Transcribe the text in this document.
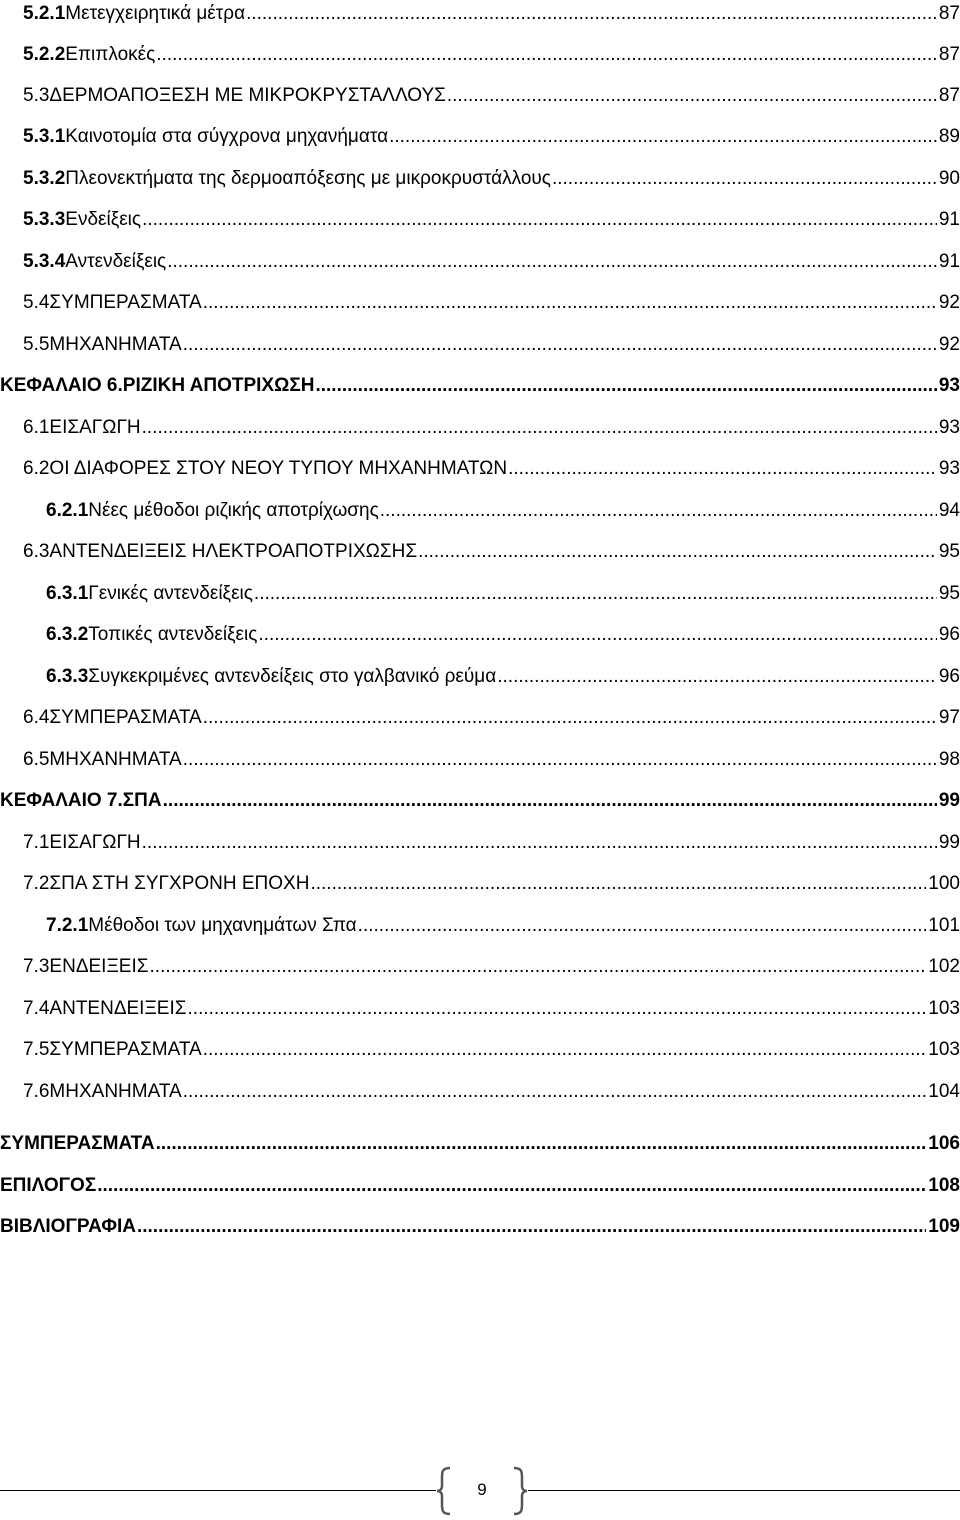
5.2.1 Μετεγχειρητικά μέτρα .....	87
5.2.2 Επιπλοκές .....	87
5.3 ΔΕΡΜΟΑΠΟΞΕΣΗ ΜΕ ΜΙΚΡΟΚΡΥΣΤΑΛΛΟΥΣ .....	87
5.3.1 Καινοτομία στα σύγχρονα μηχανήματα .....	89
5.3.2 Πλεονεκτήματα της δερμοαπόξεσης με μικροκρυστάλλους .....	90
5.3.3 Ενδείξεις .....	91
5.3.4 Αντενδείξεις .....	91
5.4 ΣΥΜΠΕΡΑΣΜΑΤΑ .....	92
5.5 ΜΗΧΑΝΗΜΑΤΑ .....	92
ΚΕΦΑΛΑΙΟ 6. ΡΙΖΙΚΗ ΑΠΟΤΡΙΧΩΣΗ .....	93
6.1 ΕΙΣΑΓΩΓΗ .....	93
6.2 ΟΙ ΔΙΑΦΟΡΕΣ ΣΤΟΥ ΝΕΟΥ ΤΥΠΟΥ ΜΗΧΑΝΗΜΑΤΩΝ .....	93
6.2.1 Νέες μέθοδοι ριζικής αποτρίχωσης .....	94
6.3 ΑΝΤΕΝΔΕΙΞΕΙΣ ΗΛΕΚΤΡΟΑΠΟΤΡΙΧΩΣΗΣ .....	95
6.3.1 Γενικές αντενδείξεις .....	95
6.3.2 Τοπικές αντενδείξεις .....	96
6.3.3 Συγκεκριμένες αντενδείξεις στο γαλβανικό ρεύμα .....	96
6.4 ΣΥΜΠΕΡΑΣΜΑΤΑ .....	97
6.5 ΜΗΧΑΝΗΜΑΤΑ .....	98
ΚΕΦΑΛΑΙΟ 7. ΣΠΑ .....	99
7.1 ΕΙΣΑΓΩΓΗ .....	99
7.2 ΣΠΑ ΣΤΗ ΣΥΓΧΡΟΝΗ ΕΠΟΧΗ .....	100
7.2.1 Μέθοδοι των μηχανημάτων Σπα .....	101
7.3 ΕΝΔΕΙΞΕΙΣ .....	102
7.4 ΑΝΤΕΝΔΕΙΞΕΙΣ .....	103
7.5 ΣΥΜΠΕΡΑΣΜΑΤΑ .....	103
7.6 ΜΗΧΑΝΗΜΑΤΑ .....	104
ΣΥΜΠΕΡΑΣΜΑΤΑ .....	106
ΕΠΙΛΟΓΟΣ .....	108
ΒΙΒΛΙΟΓΡΑΦΙΑ .....	109
9
